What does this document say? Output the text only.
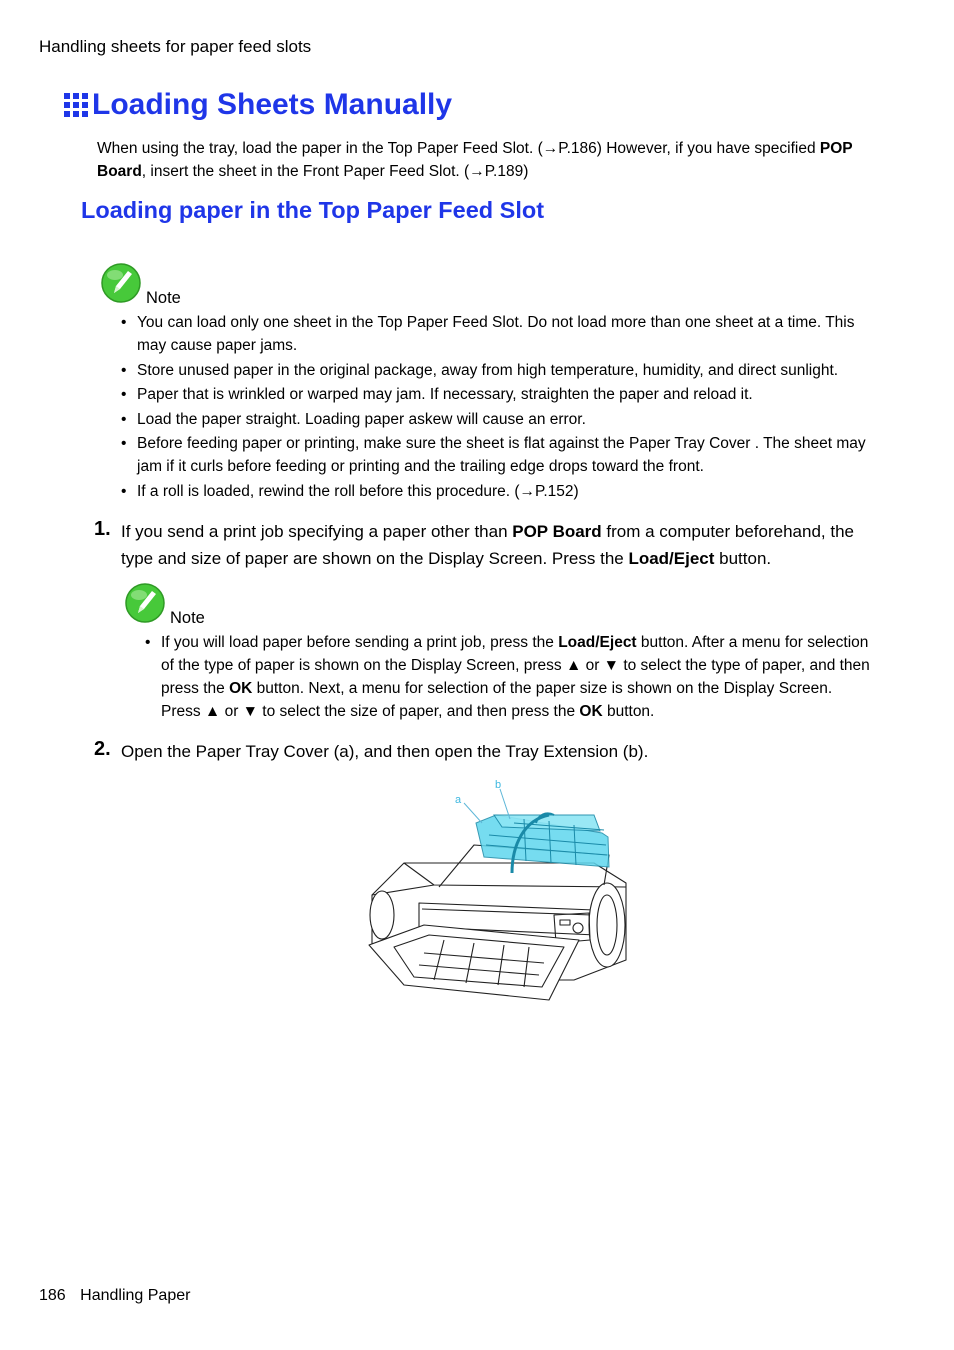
Handling sheets for paper feed slots
Loading Sheets Manually
When using the tray, load the paper in the Top Paper Feed Slot. (→P.186) However, if you have specified POP Board, insert the sheet in the Front Paper Feed Slot. (→P.189)
Loading paper in the Top Paper Feed Slot
Note
• You can load only one sheet in the Top Paper Feed Slot. Do not load more than one sheet at a time. This may cause paper jams.
• Store unused paper in the original package, away from high temperature, humidity, and direct sunlight.
• Paper that is wrinkled or warped may jam. If necessary, straighten the paper and reload it.
• Load the paper straight. Loading paper askew will cause an error.
• Before feeding paper or printing, make sure the sheet is flat against the Paper Tray Cover . The sheet may jam if it curls before feeding or printing and the trailing edge drops toward the front.
• If a roll is loaded, rewind the roll before this procedure. (→P.152)
1. If you send a print job specifying a paper other than POP Board from a computer beforehand, the type and size of paper are shown on the Display Screen. Press the Load/Eject button.
Note
• If you will load paper before sending a print job, press the Load/Eject button. After a menu for selection of the type of paper is shown on the Display Screen, press ▲ or ▼ to select the type of paper, and then press the OK button. Next, a menu for selection of the paper size is shown on the Display Screen. Press ▲ or ▼ to select the size of paper, and then press the OK button.
2. Open the Paper Tray Cover (a), and then open the Tray Extension (b).
a
b
186 Handling Paper
